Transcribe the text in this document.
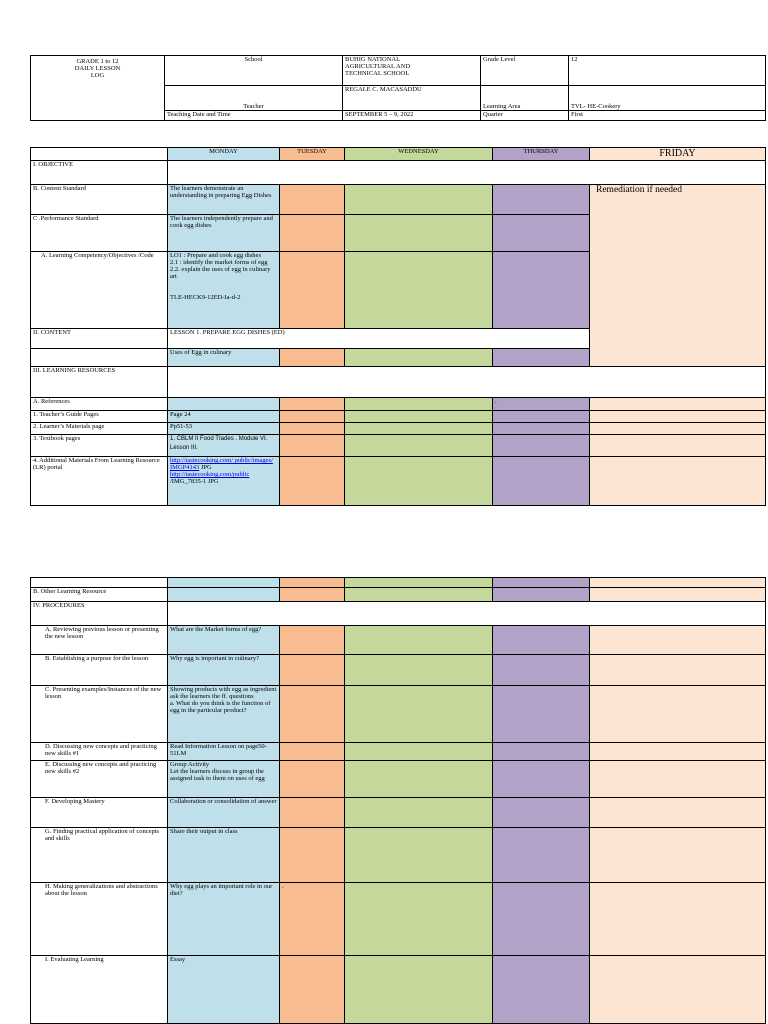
GRADE 1 to 12
DAILY LESSON
LOG	School	BUHIG NATIONAL
AGRICULTURAL AND
TECHNICAL SCHOOL	Grade Level	12
	Teacher	REGALE C. MACASADDU	Learning Area	TVL- HE-Cookery
	Teaching Date and Time	SEPTEMBER 5 – 9, 2022	Quarter	First
	MONDAY	TUESDAY	WEDNESDAY	THURSDAY	FRIDAY
I. OBJECTIVE					
B. Content Standard	The learners demonstrate an understanding in preparing Egg Dishes				Remediation if needed
C .Performance Standard	The learners independently prepare and cook egg dishes				
A. Learning Competency/Objectives /Code	LO1 : Prepare and cook egg dishes
2.1 : identify the market forms of egg
2.2. explain the uses of egg in culinary art

TLE-HECK9-12ED-Ia-d-2				
II. CONTENT	LESSON 1. PREPARE EGG DISHES (ED)				
	Uses of Egg in culinary				
III. LEARNING RESOURCES					
A. References				.	
1. Teacher’s Guide Pages	Page 24				
2. Learner’s Materials page	Pp51-53				
3. Textbook pages	1. CBLM II Food Trades . Module VI. Lesson III.				
4. Additional Materials From Learning Resource (LR) portal	http://tastecooking.com/ public/images/ IMGP4143 JPG
http://tastecooking.com/public
/IMG_7835-1 JPG				

B. Other Learning Resource					
IV. PROCEDURES					
A. Reviewing previous lesson or presenting the new lesson	What are the Market forms of egg?				
B. Establishing a purpose for the lesson	Why egg is important in culinary?				
C. Presenting examples/Instances of the new lesson	Showing products with egg as ingredient ask the learners the ff. questions
a. What do you think is the function of egg in the particular product?				
D. Discussing new concepts and practicing new skills #1	Read Information Lesson on page50-51LM				
E. Discussing new concepts and practicing new skills #2	Group Activity
Let the learners discuss in group the assigned task to them on uses of egg				
F. Developing Mastery	Collaboration or consolidation of answer				
G. Finding practical application of concepts and skills	Share their output in class				
H. Making generalizations and abstractions about the lesson	Why egg plays an important role in our diet?	.			
I. Evaluating Learning	Essay				
